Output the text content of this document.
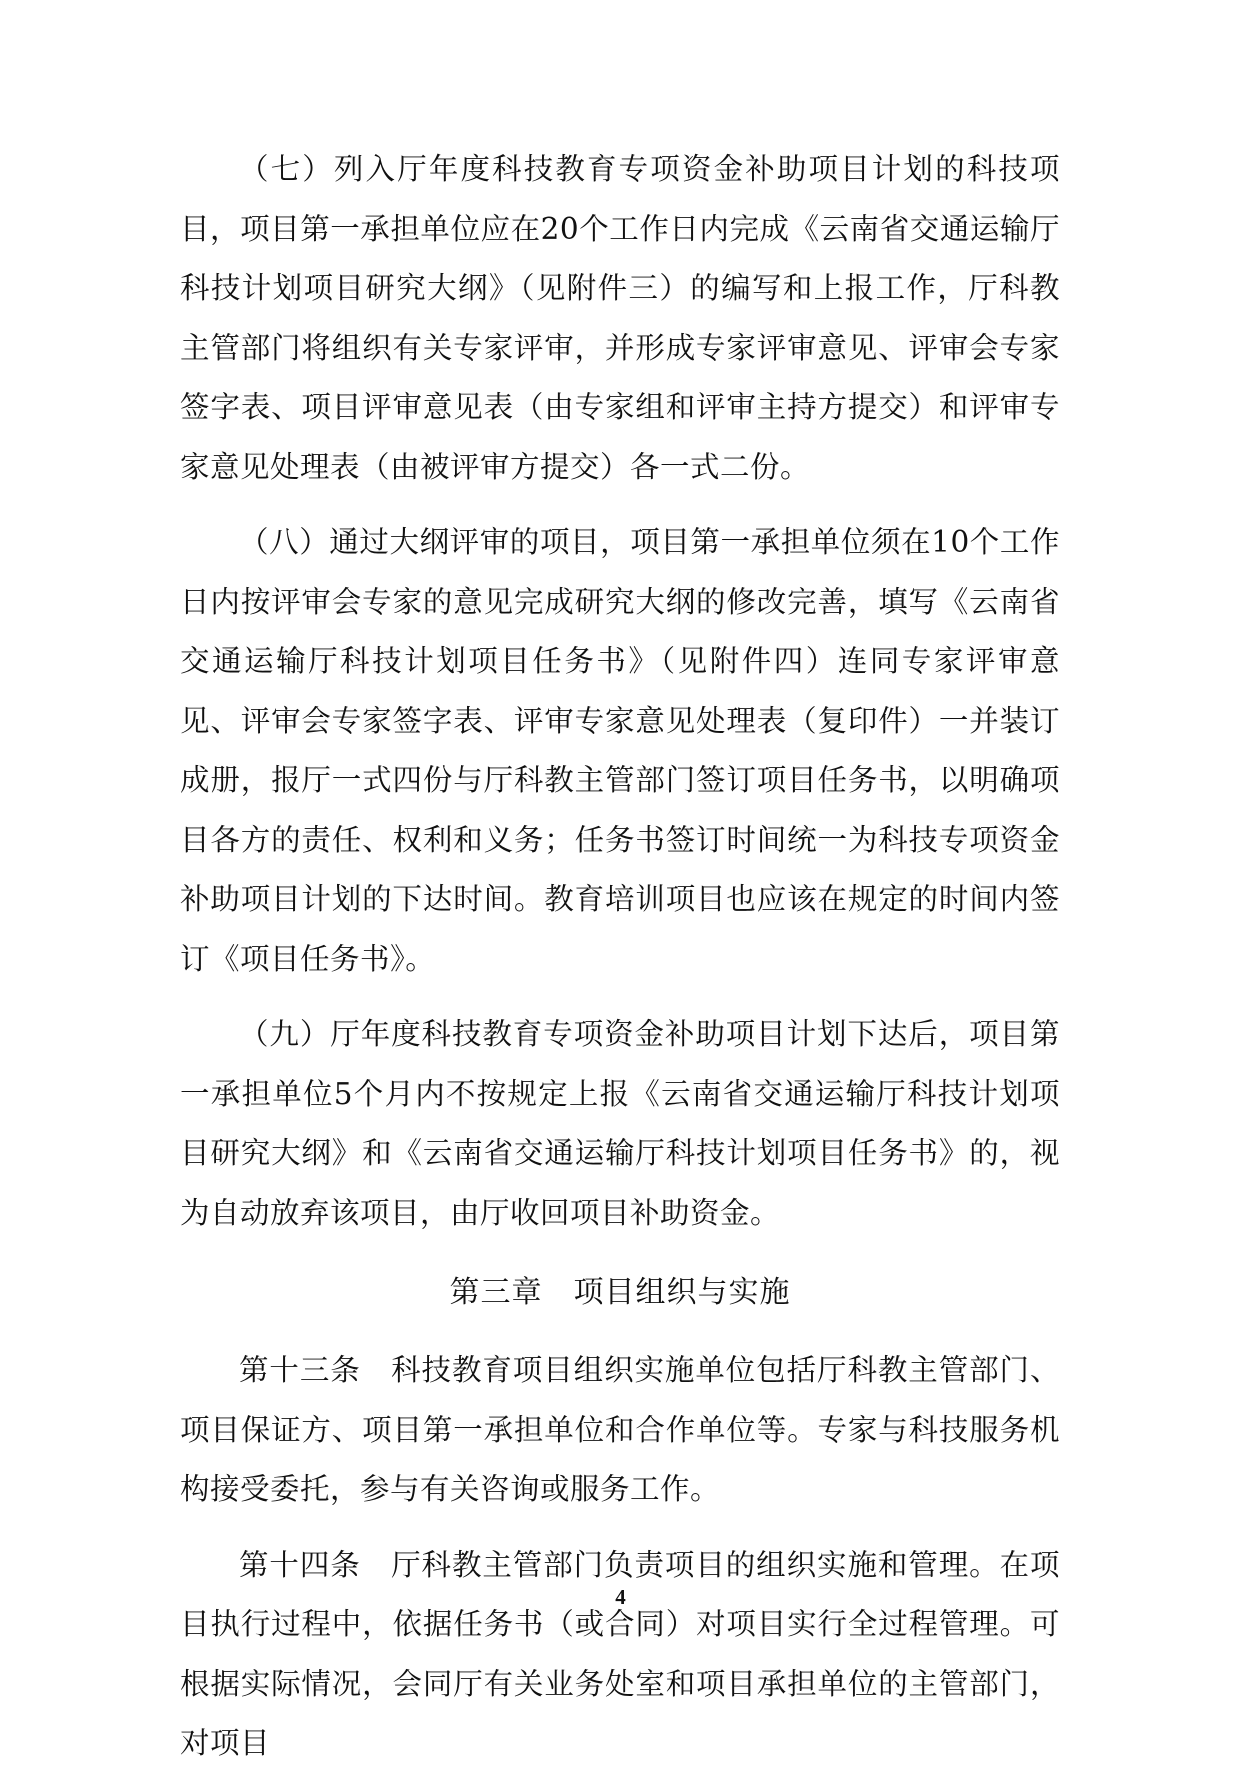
（七）列入厅年度科技教育专项资金补助项目计划的科技项目，项目第一承担单位应在20个工作日内完成《云南省交通运输厅科技计划项目研究大纲》（见附件三）的编写和上报工作，厅科教主管部门将组织有关专家评审，并形成专家评审意见、评审会专家签字表、项目评审意见表（由专家组和评审主持方提交）和评审专家意见处理表（由被评审方提交）各一式二份。

（八）通过大纲评审的项目，项目第一承担单位须在10个工作日内按评审会专家的意见完成研究大纲的修改完善，填写《云南省交通运输厅科技计划项目任务书》（见附件四）连同专家评审意见、评审会专家签字表、评审专家意见处理表（复印件）一并装订成册，报厅一式四份与厅科教主管部门签订项目任务书，以明确项目各方的责任、权利和义务；任务书签订时间统一为科技专项资金补助项目计划的下达时间。教育培训项目也应该在规定的时间内签订《项目任务书》。

（九）厅年度科技教育专项资金补助项目计划下达后，项目第一承担单位5个月内不按规定上报《云南省交通运输厅科技计划项目研究大纲》和《云南省交通运输厅科技计划项目任务书》的，视为自动放弃该项目，由厅收回项目补助资金。

第三章　项目组织与实施

第十三条　科技教育项目组织实施单位包括厅科教主管部门、项目保证方、项目第一承担单位和合作单位等。专家与科技服务机构接受委托，参与有关咨询或服务工作。

第十四条　厅科教主管部门负责项目的组织实施和管理。在项目执行过程中，依据任务书（或合同）对项目实行全过程管理。可根据实际情况，会同厅有关业务处室和项目承担单位的主管部门，对项目

4
